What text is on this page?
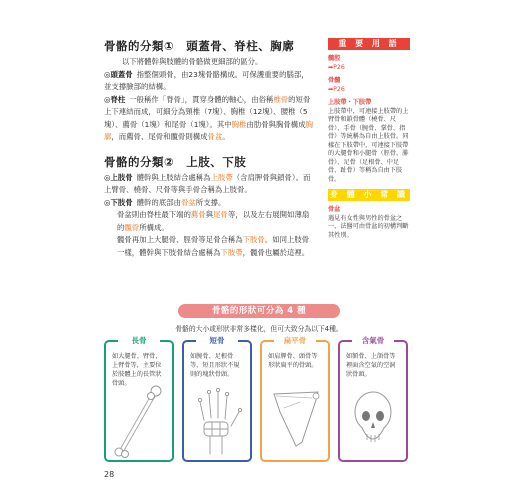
骨骼的分類①　頭蓋骨、脊柱、胸廓
以下將體幹與肢體的骨骼做更細部的區分。
◎頭蓋骨 指整個頭骨，由23塊骨骼構成。可保護重要的腦部，並支撐臉部的結構。
◎脊柱 一般稱作「脊骨」，貫穿身體的軸心，由俗稱椎骨的短骨上下連結而成，可細分為頸椎（7塊）、胸椎（12塊）、腰椎（5塊）、薦骨（1塊）和尾骨（1塊）。其中胸椎由肋骨與胸骨構成胸廓，而薦骨、尾骨和髖骨則構成骨盆。
骨骼的分類②　上肢、下肢
◎上肢骨 體幹與上肢結合處稱為上肢帶（含肩胛骨與鎖骨）。而上臂骨、橈骨、尺骨等與手骨合稱為上肢骨。
◎下肢骨 體幹的底部由骨盆所支撐。
骨盆則由脊柱最下端的薦骨與尾骨等，以及左右展開如薄扇的髖骨所構成。
髖骨再加上大腿骨、脛骨等足骨合稱為下肢骨。如同上肢骨一樣，體幹與下肢骨結合處稱為下肢帶，髖骨也屬於這裡。
重 要 用 語
髓腔
➡P26
骨髓
➡P26
上肢帶・下肢帶
上肢帶中，可連接上肢帶的上臂骨和鎖骨體（橈骨、尺骨）、手骨（腕骨、掌骨、指骨）等統稱為自由上肢骨。同樣在下肢帶中，可連接下肢帶的大腿骨和小腿骨（脛骨、腓骨）、足骨（足根骨、中足骨、趾骨）等稱為自由下肢骨。
身 體 小 常 識
骨盆
遇見有女性與男性的骨盆之一，法醫可由骨盆的初構判斷其性別。
骨骼的形狀可分為 4 種
骨骼的大小或形狀非常多樣化，但可大致分為以下4種。
長骨
如大腿骨、臂骨、上臂骨等，主要位於肢體上的長管狀骨頭。
短骨
如腕骨、足根骨等，短且形狀不規則的塊狀骨頭。
扁平骨
如肩胛骨、頭骨等形狀扁平的骨頭。
含氣骨
如額骨、上頜骨等裡面含空氣的空洞狀骨頭。
28
